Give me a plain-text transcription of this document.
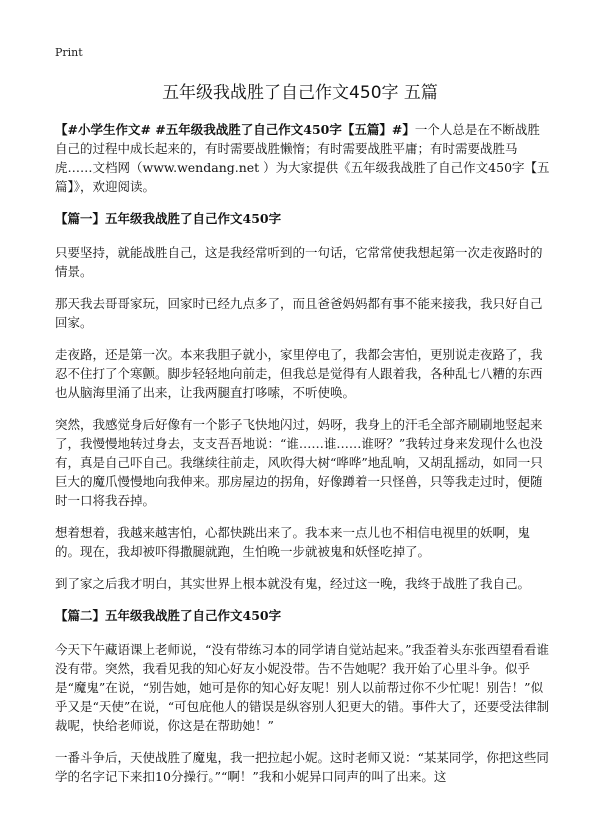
Print
五年级我战胜了自己作文450字 五篇

【#小学生作文# #五年级我战胜了自己作文450字【五篇】#】一个人总是在不断战胜自己的过程中成长起来的，有时需要战胜懒惰；有时需要战胜平庸；有时需要战胜马虎……文档网（www.wendang.net ）为大家提供《五年级我战胜了自己作文450字【五篇】》，欢迎阅读。

【篇一】五年级我战胜了自己作文450字

只要坚持，就能战胜自己，这是我经常听到的一句话，它常常使我想起第一次走夜路时的情景。

那天我去哥哥家玩，回家时已经九点多了，而且爸爸妈妈都有事不能来接我，我只好自己回家。

走夜路，还是第一次。本来我胆子就小，家里停电了，我都会害怕，更别说走夜路了，我忍不住打了个寒颤。脚步轻轻地向前走，但我总是觉得有人跟着我，各种乱七八糟的东西也从脑海里涌了出来，让我两腿直打哆嗦，不听使唤。

突然，我感觉身后好像有一个影子飞快地闪过，妈呀，我身上的汗毛全部齐刷刷地竖起来了，我慢慢地转过身去，支支吾吾地说：“谁……谁……谁呀？”我转过身来发现什么也没有，真是自己吓自己。我继续往前走，风吹得大树“哗哗”地乱响，又胡乱摇动，如同一只巨大的魔爪慢慢地向我伸来。那房屋边的拐角，好像蹲着一只怪兽，只等我走过时，便随时一口将我吞掉。

想着想着，我越来越害怕，心都快跳出来了。我本来一点儿也不相信电视里的妖啊，鬼的。现在，我却被吓得撒腿就跑，生怕晚一步就被鬼和妖怪吃掉了。

到了家之后我才明白，其实世界上根本就没有鬼，经过这一晚，我终于战胜了我自己。

【篇二】五年级我战胜了自己作文450字

今天下午藏语课上老师说，“没有带练习本的同学请自觉站起来。”我歪着头东张西望看看谁没有带。突然，我看见我的知心好友小妮没带。告不告她呢？我开始了心里斗争。似乎是“魔鬼”在说，“别告她，她可是你的知心好友呢！别人以前帮过你不少忙呢！别告！”似乎又是“天使”在说，“可包庇他人的错误是纵容别人犯更大的错。事件大了，还要受法律制裁呢，快给老师说，你这是在帮助她！”

一番斗争后，天使战胜了魔鬼，我一把拉起小妮。这时老师又说：“某某同学，你把这些同学的名字记下来扣10分操行。”“啊！”我和小妮异口同声的叫了出来。这
